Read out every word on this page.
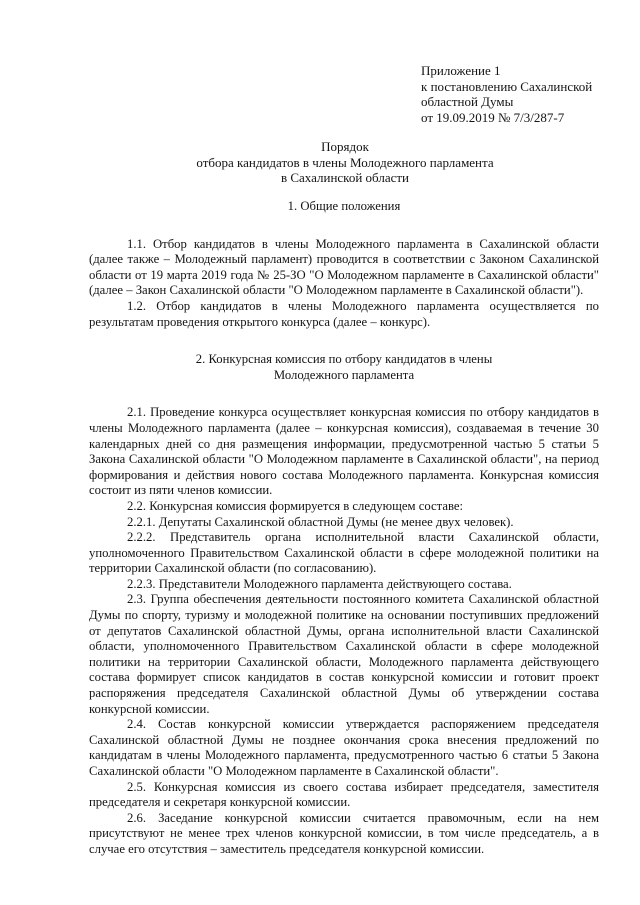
Приложение 1
к постановлению Сахалинской
областной Думы
от 19.09.2019 № 7/3/287-7
Порядок
отбора кандидатов в члены Молодежного парламента
в Сахалинской области
1. Общие положения

1.1. Отбор кандидатов в члены Молодежного парламента в Сахалинской области (далее также – Молодежный парламент) проводится в соответствии с Законом Сахалинской области от 19 марта 2019 года № 25-ЗО "О Молодежном парламенте в Сахалинской области" (далее – Закон Сахалинской области "О Молодежном парламенте в Сахалинской области").

1.2. Отбор кандидатов в члены Молодежного парламента осуществляется по результатам проведения открытого конкурса (далее – конкурс).

2. Конкурсная комиссия по отбору кандидатов в члены
Молодежного парламента

2.1. Проведение конкурса осуществляет конкурсная комиссия по отбору кандидатов в члены Молодежного парламента (далее – конкурсная комиссия), создаваемая в течение 30 календарных дней со дня размещения информации, предусмотренной частью 5 статьи 5 Закона Сахалинской области "О Молодежном парламенте в Сахалинской области", на период формирования и действия нового состава Молодежного парламента. Конкурсная комиссия состоит из пяти членов комиссии.

2.2. Конкурсная комиссия формируется в следующем составе:

2.2.1. Депутаты Сахалинской областной Думы (не менее двух человек).

2.2.2. Представитель органа исполнительной власти Сахалинской области, уполномоченного Правительством Сахалинской области в сфере молодежной политики на территории Сахалинской области (по согласованию).

2.2.3. Представители Молодежного парламента действующего состава.

2.3. Группа обеспечения деятельности постоянного комитета Сахалинской областной Думы по спорту, туризму и молодежной политике на основании поступивших предложений от депутатов Сахалинской областной Думы, органа исполнительной власти Сахалинской области, уполномоченного Правительством Сахалинской области в сфере молодежной политики на территории Сахалинской области, Молодежного парламента действующего состава формирует список кандидатов в состав конкурсной комиссии и готовит проект распоряжения председателя Сахалинской областной Думы об утверждении состава конкурсной комиссии.

2.4. Состав конкурсной комиссии утверждается распоряжением председателя Сахалинской областной Думы не позднее окончания срока внесения предложений по кандидатам в члены Молодежного парламента, предусмотренного частью 6 статьи 5 Закона Сахалинской области "О Молодежном парламенте в Сахалинской области".

2.5. Конкурсная комиссия из своего состава избирает председателя, заместителя председателя и секретаря конкурсной комиссии.

2.6. Заседание конкурсной комиссии считается правомочным, если на нем присутствуют не менее трех членов конкурсной комиссии, в том числе председатель, а в случае его отсутствия – заместитель председателя конкурсной комиссии.
